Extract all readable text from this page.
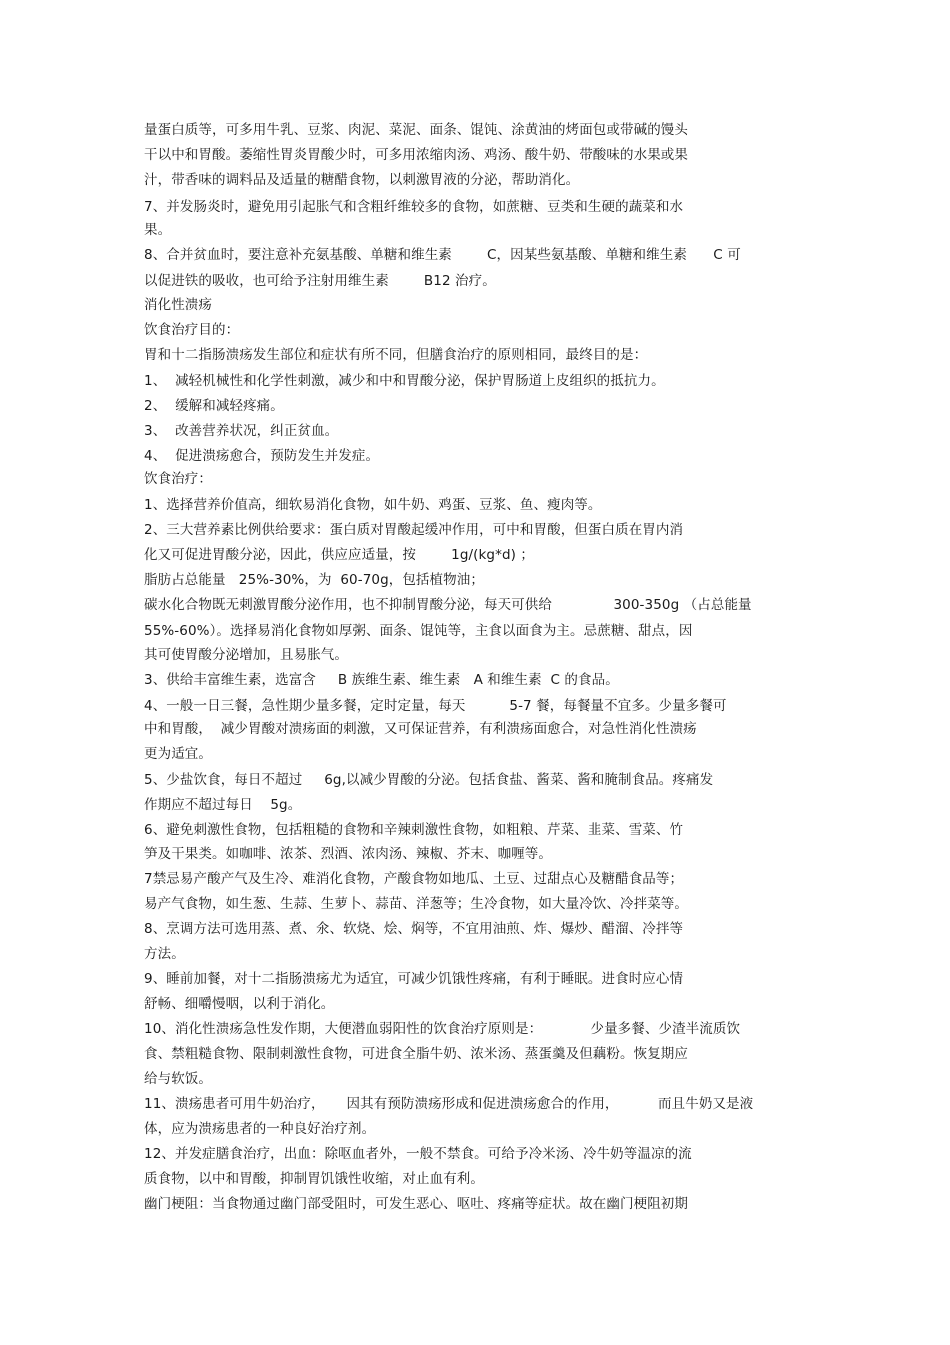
量蛋白质等，可多用牛乳、豆浆、肉泥、菜泥、面条、馄饨、涂黄油的烤面包或带碱的馒头
干以中和胃酸。萎缩性胃炎胃酸少时，可多用浓缩肉汤、鸡汤、酸牛奶、带酸味的水果或果
汁，带香味的调料品及适量的糖醋食物，以刺激胃液的分泌，帮助消化。
7、并发肠炎时，避免用引起胀气和含粗纤维较多的食物，如蔗糖、豆类和生硬的蔬菜和水
果。
8、合并贫血时，要注意补充氨基酸、单糖和维生素        C，因某些氨基酸、单糖和维生素      C 可
以促进铁的吸收，也可给予注射用维生素        B12 治疗。
消化性溃疡
饮食治疗目的：
胃和十二指肠溃疡发生部位和症状有所不同，但膳食治疗的原则相同，最终目的是：
1、  减轻机械性和化学性刺激，减少和中和胃酸分泌，保护胃肠道上皮组织的抵抗力。
2、  缓解和减轻疼痛。
3、  改善营养状况，纠正贫血。
4、  促进溃疡愈合，预防发生并发症。
饮食治疗：
1、选择营养价值高，细软易消化食物，如牛奶、鸡蛋、豆浆、鱼、瘦肉等。
2、三大营养素比例供给要求：蛋白质对胃酸起缓冲作用，可中和胃酸，但蛋白质在胃内消
化又可促进胃酸分泌，因此，供应应适量，按        1g/(kg*d) ；
脂肪占总能量   25%-30%，为  60-70g，包括植物油；
碳水化合物既无刺激胃酸分泌作用，也不抑制胃酸分泌，每天可供给              300-350g （占总能量
55%-60%）。选择易消化食物如厚粥、面条、馄饨等，主食以面食为主。忌蔗糖、甜点，因
其可使胃酸分泌增加，且易胀气。
3、供给丰富维生素，选富含     B 族维生素、维生素   A 和维生素  C 的食品。
4、一般一日三餐，急性期少量多餐，定时定量，每天          5-7 餐，每餐量不宜多。少量多餐可
中和胃酸，  减少胃酸对溃疡面的刺激，又可保证营养，有利溃疡面愈合，对急性消化性溃疡
更为适宜。
5、少盐饮食，每日不超过     6g,以减少胃酸的分泌。包括食盐、酱菜、酱和腌制食品。疼痛发
作期应不超过每日    5g。
6、避免刺激性食物，包括粗糙的食物和辛辣刺激性食物，如粗粮、芹菜、韭菜、雪菜、竹
笋及干果类。如咖啡、浓茶、烈酒、浓肉汤、辣椒、芥末、咖喱等。
7禁忌易产酸产气及生冷、难消化食物，产酸食物如地瓜、土豆、过甜点心及糖醋食品等；
易产气食物，如生葱、生蒜、生萝卜、蒜苗、洋葱等；生冷食物，如大量冷饮、冷拌菜等。
8、烹调方法可选用蒸、煮、氽、软烧、烩、焖等，不宜用油煎、炸、爆炒、醋溜、冷拌等
方法。
9、睡前加餐，对十二指肠溃疡尤为适宜，可减少饥饿性疼痛，有利于睡眠。进食时应心情
舒畅、细嚼慢咽，以利于消化。
10、消化性溃疡急性发作期，大便潜血弱阳性的饮食治疗原则是：           少量多餐、少渣半流质饮
食、禁粗糙食物、限制刺激性食物，可进食全脂牛奶、浓米汤、蒸蛋羹及但藕粉。恢复期应
给与软饭。
11、溃疡患者可用牛奶治疗，     因其有预防溃疡形成和促进溃疡愈合的作用，         而且牛奶又是液
体，应为溃疡患者的一种良好治疗剂。
12、并发症膳食治疗，出血：除呕血者外，一般不禁食。可给予冷米汤、冷牛奶等温凉的流
质食物，以中和胃酸，抑制胃饥饿性收缩，对止血有利。
幽门梗阻：当食物通过幽门部受阻时，可发生恶心、呕吐、疼痛等症状。故在幽门梗阻初期
